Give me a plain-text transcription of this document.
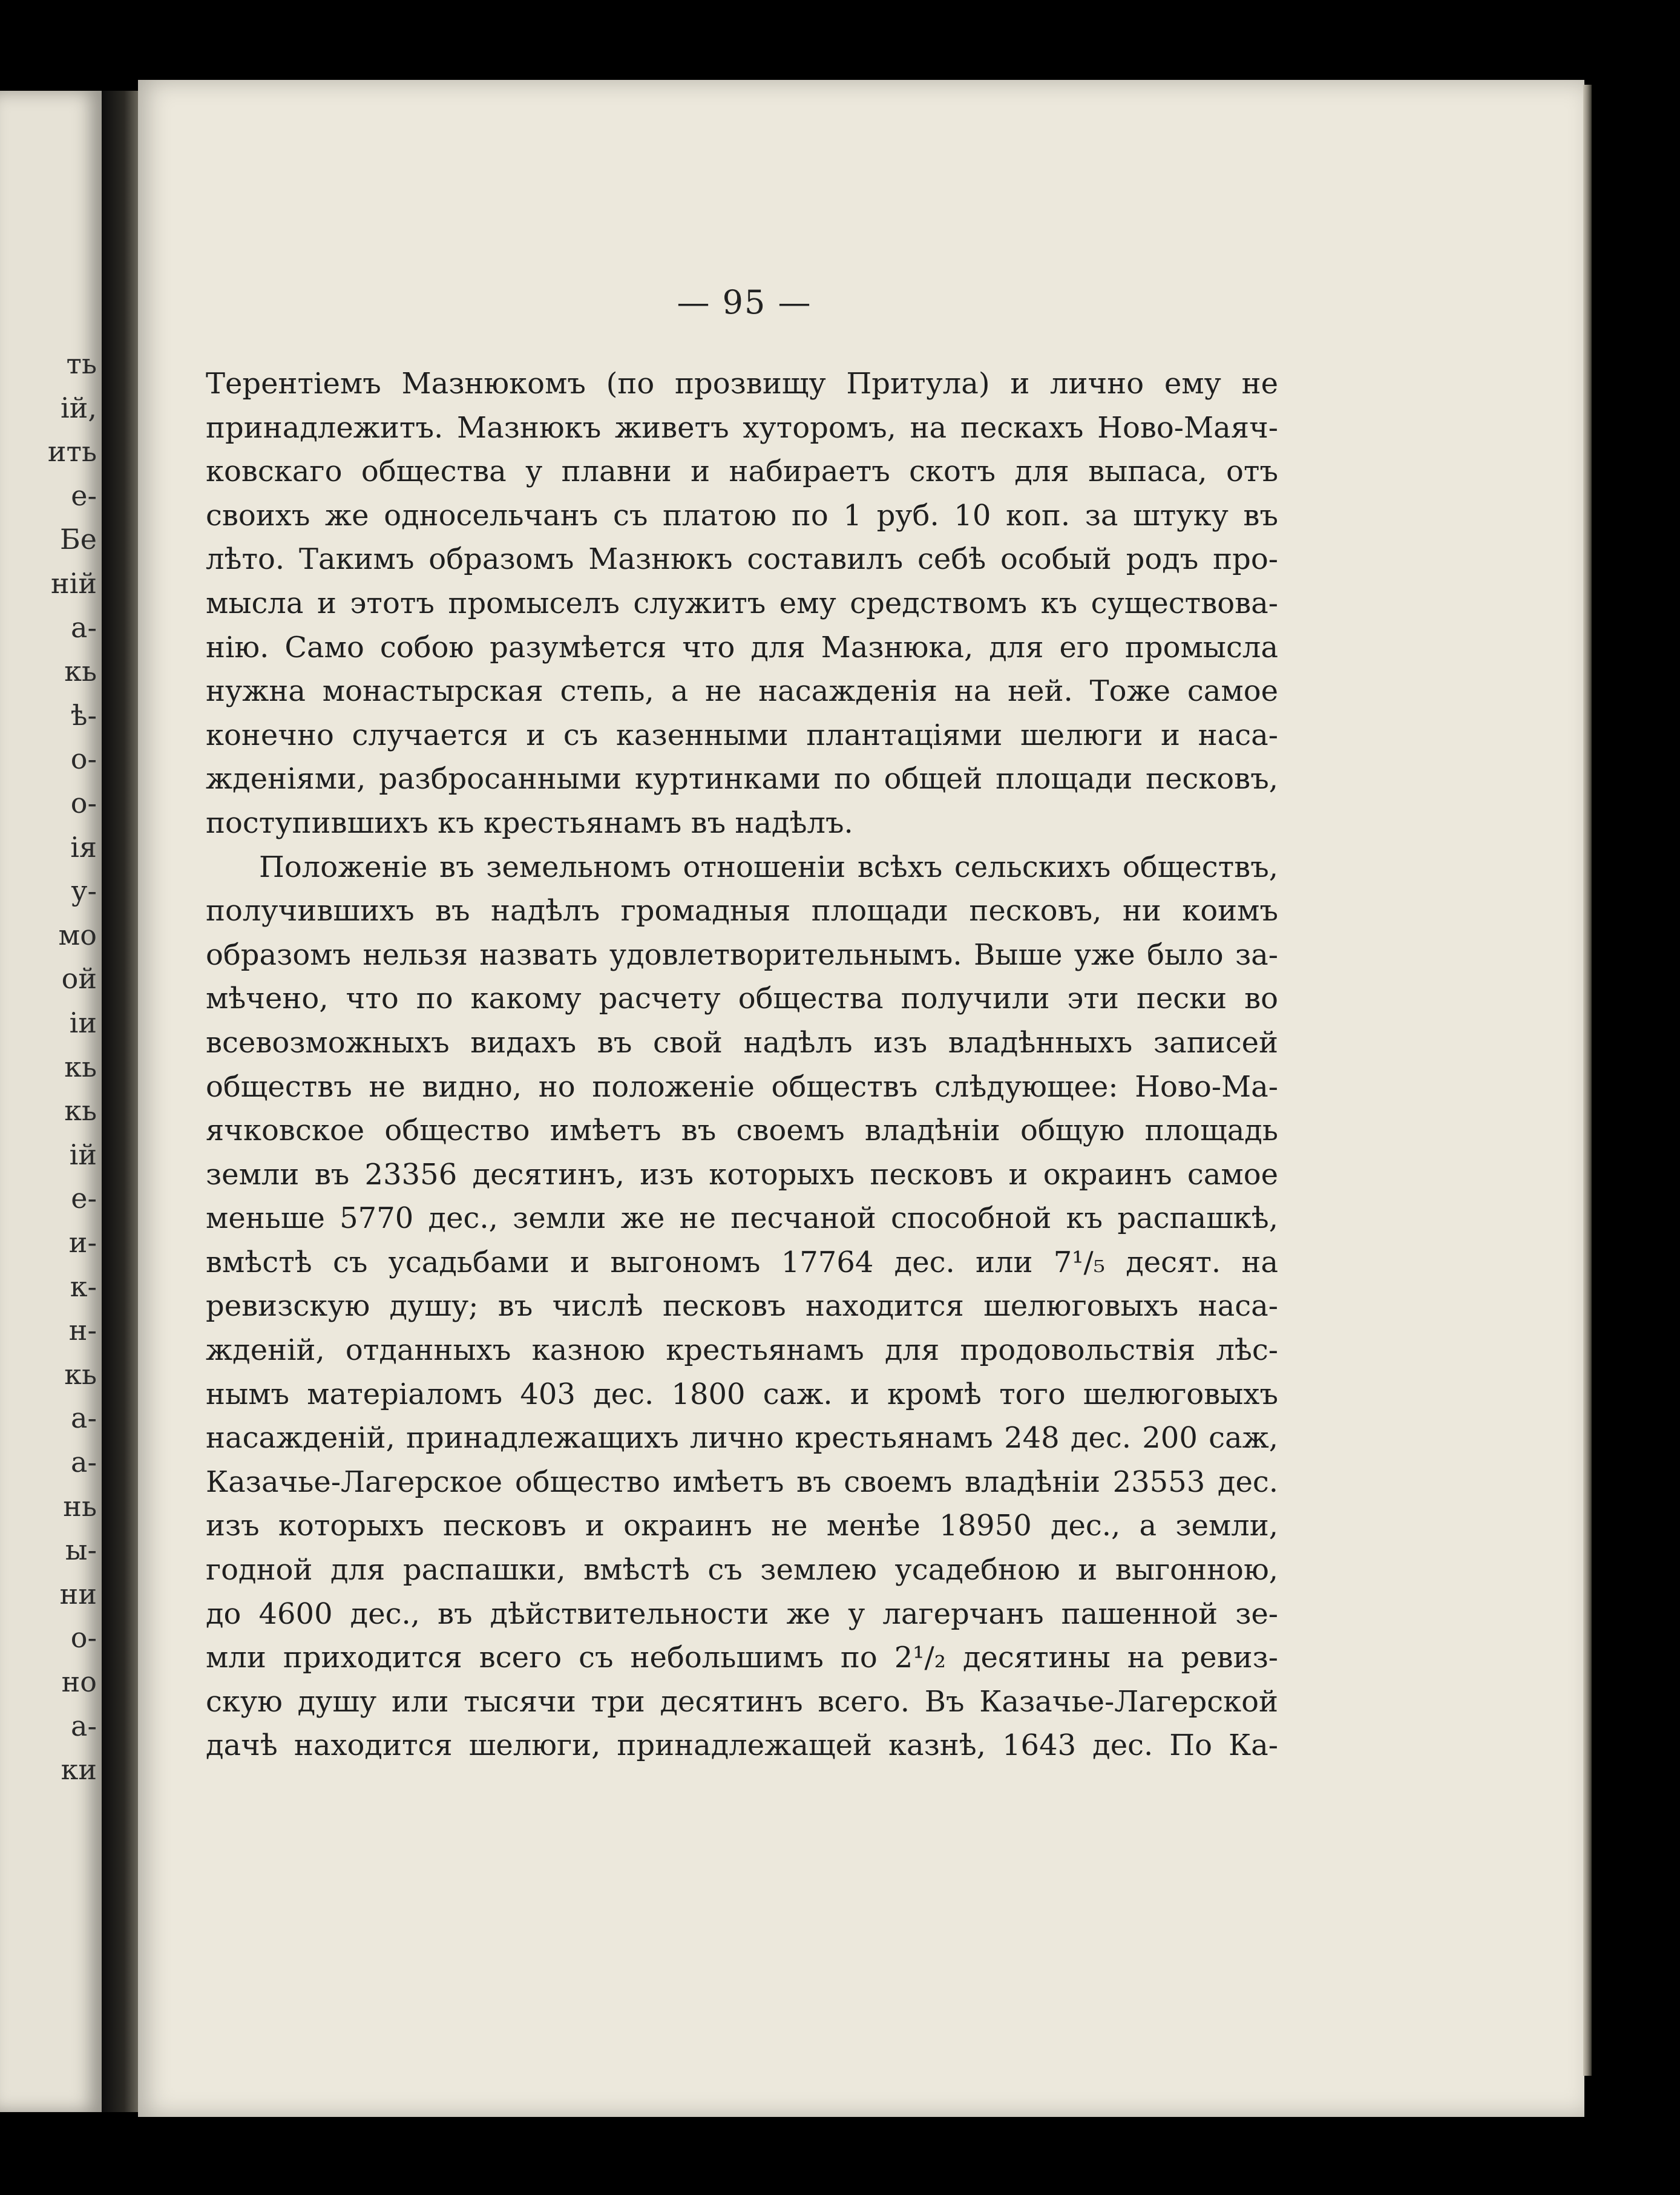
ть
ій,
ить
е-
Бе
ній
а-
кь
ѣ-
о-
о-
ія
у-
мо
ой
іи
кь
кь
ій
е-
и-
к-
н-
кь
а-
а-
нь
ы-
ни
о-
но
а-
ки
— 95 —
Терентіемъ Мазнюкомъ (по прозвищу Притула) и лично ему не
принадлежитъ. Мазнюкъ живетъ хуторомъ, на пескахъ Ново-Маяч-
ковскаго общества у плавни и набираетъ скотъ для выпаса, отъ
своихъ же односельчанъ съ платою по 1 руб. 10 коп. за штуку въ
лѣто. Такимъ образомъ Мазнюкъ составилъ себѣ особый родъ про-
мысла и этотъ промыселъ служитъ ему средствомъ къ существова-
нію. Само собою разумѣется что для Мазнюка, для его промысла
нужна монастырская степь, а не насажденія на ней. Тоже самое
конечно случается и съ казенными плантаціями шелюги и наса-
жденіями, разбросанными куртинками по общей площади песковъ,
поступившихъ къ крестьянамъ въ надѣлъ.
Положеніе въ земельномъ отношеніи всѣхъ сельскихъ обществъ,
получившихъ въ надѣлъ громадныя площади песковъ, ни коимъ
образомъ нельзя назвать удовлетворительнымъ. Выше уже было за-
мѣчено, что по какому расчету общества получили эти пески во
всевозможныхъ видахъ въ свой надѣлъ изъ владѣнныхъ записей
обществъ не видно, но положеніе обществъ слѣдующее: Ново-Ма-
ячковское общество имѣетъ въ своемъ владѣніи общую площадь
земли въ 23356 десятинъ, изъ которыхъ песковъ и окраинъ самое
меньше 5770 дес., земли же не песчаной способной къ распашкѣ,
вмѣстѣ съ усадьбами и выгономъ 17764 дес. или 7¹/₅ десят. на
ревизскую душу; въ числѣ песковъ находится шелюговыхъ наса-
жденій, отданныхъ казною крестьянамъ для продовольствія лѣс-
нымъ матеріаломъ 403 дес. 1800 саж. и кромѣ того шелюговыхъ
насажденій, принадлежащихъ лично крестьянамъ 248 дес. 200 саж,
Казачье-Лагерское общество имѣетъ въ своемъ владѣніи 23553 дес.
изъ которыхъ песковъ и окраинъ не менѣе 18950 дес., а земли,
годной для распашки, вмѣстѣ съ землею усадебною и выгонною,
до 4600 дес., въ дѣйствительности же у лагерчанъ пашенной зе-
мли приходится всего съ небольшимъ по 2¹/₂ десятины на ревиз-
скую душу или тысячи три десятинъ всего. Въ Казачье-Лагерской
дачѣ находится шелюги, принадлежащей казнѣ, 1643 дес. По Ка-
